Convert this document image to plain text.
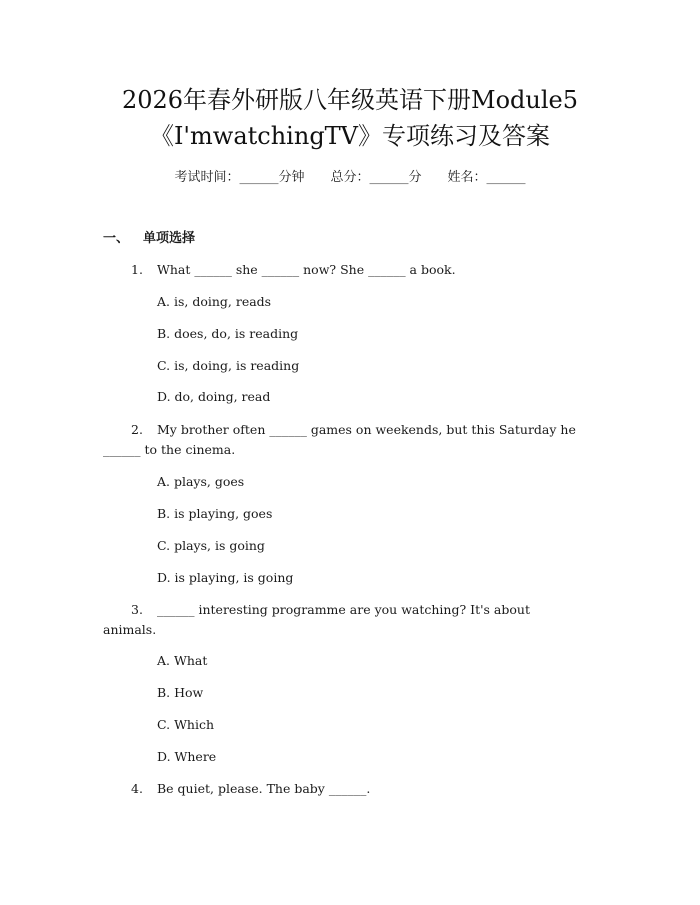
2026年春外研版八年级英语下册Module5
《I'mwatchingTV》专项练习及答案
考试时间：______分钟 总分：______分 姓名：______
一、 单项选择
1. What ______ she ______ now? She ______ a book.
A. is, doing, reads
B. does, do, is reading
C. is, doing, is reading
D. do, doing, read
2. My brother often ______ games on weekends, but this Saturday he
______ to the cinema.
A. plays, goes
B. is playing, goes
C. plays, is going
D. is playing, is going
3. ______ interesting programme are you watching? It's about
animals.
A. What
B. How
C. Which
D. Where
4. Be quiet, please. The baby ______.
